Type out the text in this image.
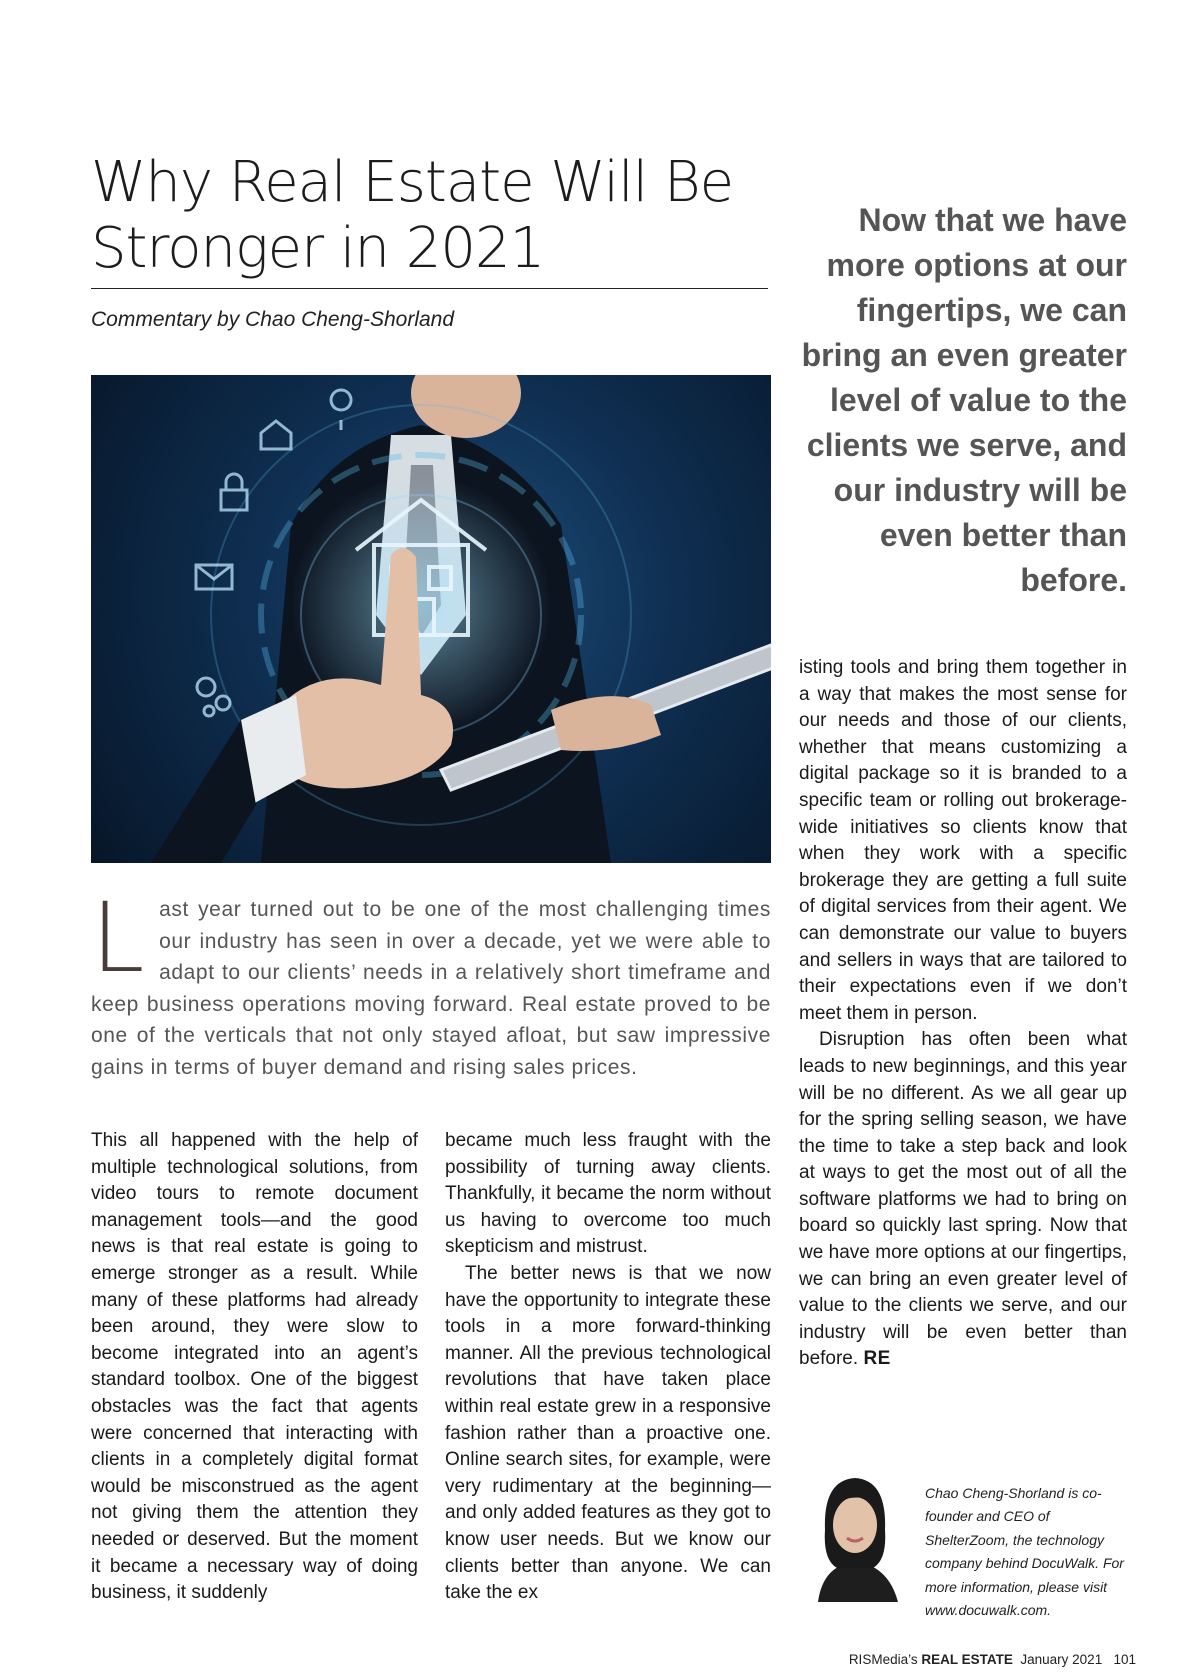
Why Real Estate Will Be
Stronger in 2021
Commentary by Chao Cheng-Shorland
Now that we have more options at our fingertips, we can bring an even greater level of value to the clients we serve, and our industry will be even better than before.
L ast year turned out to be one of the most challenging times our industry has seen in over a decade, yet we were able to adapt to our clients’ needs in a relatively short timeframe and keep business operations moving forward. Real estate proved to be one of the verticals that not only stayed afloat, but saw impressive gains in terms of buyer demand and rising sales prices.

This all happened with the help of multiple technological solutions, from video tours to remote document management tools—and the good news is that real estate is going to emerge stronger as a result. While many of these platforms had already been around, they were slow to become integrated into an agent’s standard toolbox. One of the biggest obstacles was the fact that agents were concerned that interacting with clients in a completely digital format would be misconstrued as the agent not giving them the attention they needed or deserved. But the moment it became a necessary way of doing business, it suddenly

became much less fraught with the possibility of turning away clients. Thankfully, it became the norm without us having to overcome too much skepticism and mistrust.

The better news is that we now have the opportunity to integrate these tools in a more forward-thinking manner. All the previous technological revolutions that have taken place within real estate grew in a responsive fashion rather than a proactive one. Online search sites, for example, were very rudimentary at the beginning—and only added features as they got to know user needs. But we know our clients better than anyone. We can take the ex

isting tools and bring them together in a way that makes the most sense for our needs and those of our clients, whether that means customizing a digital package so it is branded to a specific team or rolling out brokerage-wide initiatives so clients know that when they work with a specific brokerage they are getting a full suite of digital services from their agent. We can demonstrate our value to buyers and sellers in ways that are tailored to their expectations even if we don’t meet them in person.

Disruption has often been what leads to new beginnings, and this year will be no different. As we all gear up for the spring selling season, we have the time to take a step back and look at ways to get the most out of all the software platforms we had to bring on board so quickly last spring. Now that we have more options at our fingertips, we can bring an even greater level of value to the clients we serve, and our industry will be even better than before. RE

Chao Cheng-Shorland is co-founder and CEO of ShelterZoom, the technology company behind DocuWalk. For more information, please visit www.docuwalk.com.
RISMedia’s REAL ESTATE January 2021 101
